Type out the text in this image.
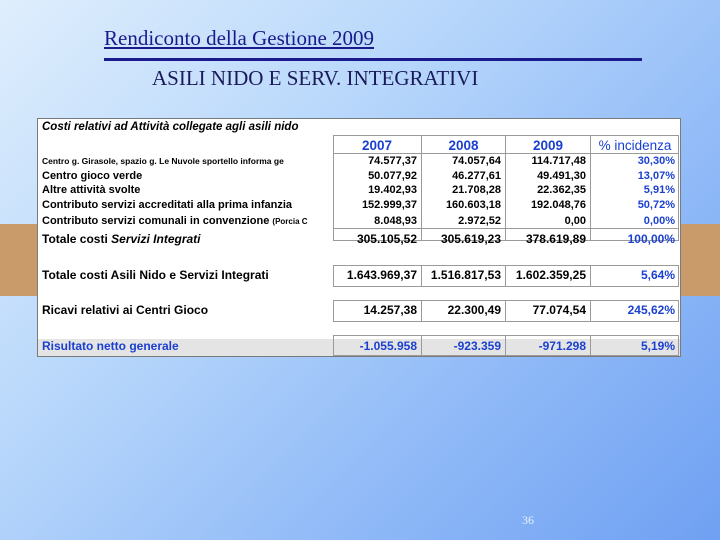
Rendiconto della Gestione 2009
ASILI NIDO E SERV. INTEGRATIVI
Costi relativi ad Attività collegate agli asili nido
2007	2008	2009	% incidenza
Centro g. Girasole, spazio g. Le Nuvole sportello informa ge	74.577,37	74.057,64	114.717,48	30,30%
Centro gioco verde	50.077,92	46.277,61	49.491,30	13,07%
Altre attività svolte	19.402,93	21.708,28	22.362,35	5,91%
Contributo servizi accreditati alla prima infanzia	152.999,37	160.603,18	192.048,76	50,72%
Contributo servizi comunali in convenzione (Porcia C	8.048,93	2.972,52	0,00	0,00%
Totale costi Servizi Integrati	305.105,52	305.619,23	378.619,89	100,00%
Totale costi Asili Nido e Servizi Integrati	1.643.969,37	1.516.817,53	1.602.359,25	5,64%
Ricavi relativi ai Centri Gioco	14.257,38	22.300,49	77.074,54	245,62%
Risultato netto generale	-1.055.958	-923.359	-971.298	5,19%
36
